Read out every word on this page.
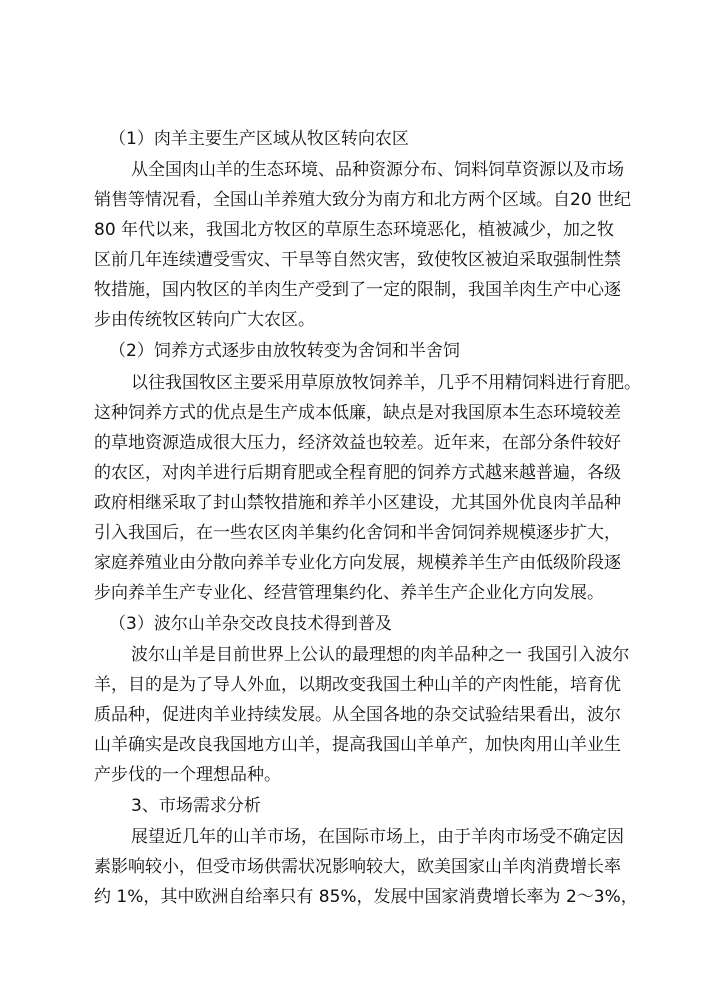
（1）肉羊主要生产区域从牧区转向农区
从全国肉山羊的生态环境、品种资源分布、饲料饲草资源以及市场
销售等情况看，全国山羊养殖大致分为南方和北方两个区域。自20 世纪
80 年代以来，我国北方牧区的草原生态环境恶化，植被减少，加之牧
区前几年连续遭受雪灾、干旱等自然灾害，致使牧区被迫采取强制性禁
牧措施，国内牧区的羊肉生产受到了一定的限制，我国羊肉生产中心逐
步由传统牧区转向广大农区。
（2）饲养方式逐步由放牧转变为舍饲和半舍饲
以往我国牧区主要采用草原放牧饲养羊，几乎不用精饲料进行育肥。
这种饲养方式的优点是生产成本低廉，缺点是对我国原本生态环境较差
的草地资源造成很大压力，经济效益也较差。近年来，在部分条件较好
的农区，对肉羊进行后期育肥或全程育肥的饲养方式越来越普遍，各级
政府相继采取了封山禁牧措施和养羊小区建设，尤其国外优良肉羊品种
引入我国后，在一些农区肉羊集约化舍饲和半舍饲饲养规模逐步扩大，
家庭养殖业由分散向养羊专业化方向发展，规模养羊生产由低级阶段逐
步向养羊生产专业化、经营管理集约化、养羊生产企业化方向发展。
（3）波尔山羊杂交改良技术得到普及
波尔山羊是目前世界上公认的最理想的肉羊品种之一 我国引入波尔
羊，目的是为了导人外血，以期改变我国土种山羊的产肉性能，培育优
质品种，促进肉羊业持续发展。从全国各地的杂交试验结果看出，波尔
山羊确实是改良我国地方山羊，提高我国山羊单产，加快肉用山羊业生
产步伐的一个理想品种。
3、市场需求分析
展望近几年的山羊市场，在国际市场上，由于羊肉市场受不确定因
素影响较小，但受市场供需状况影响较大，欧美国家山羊肉消费增长率
约 1%，其中欧洲自给率只有 85%，发展中国家消费增长率为 2～3%，
